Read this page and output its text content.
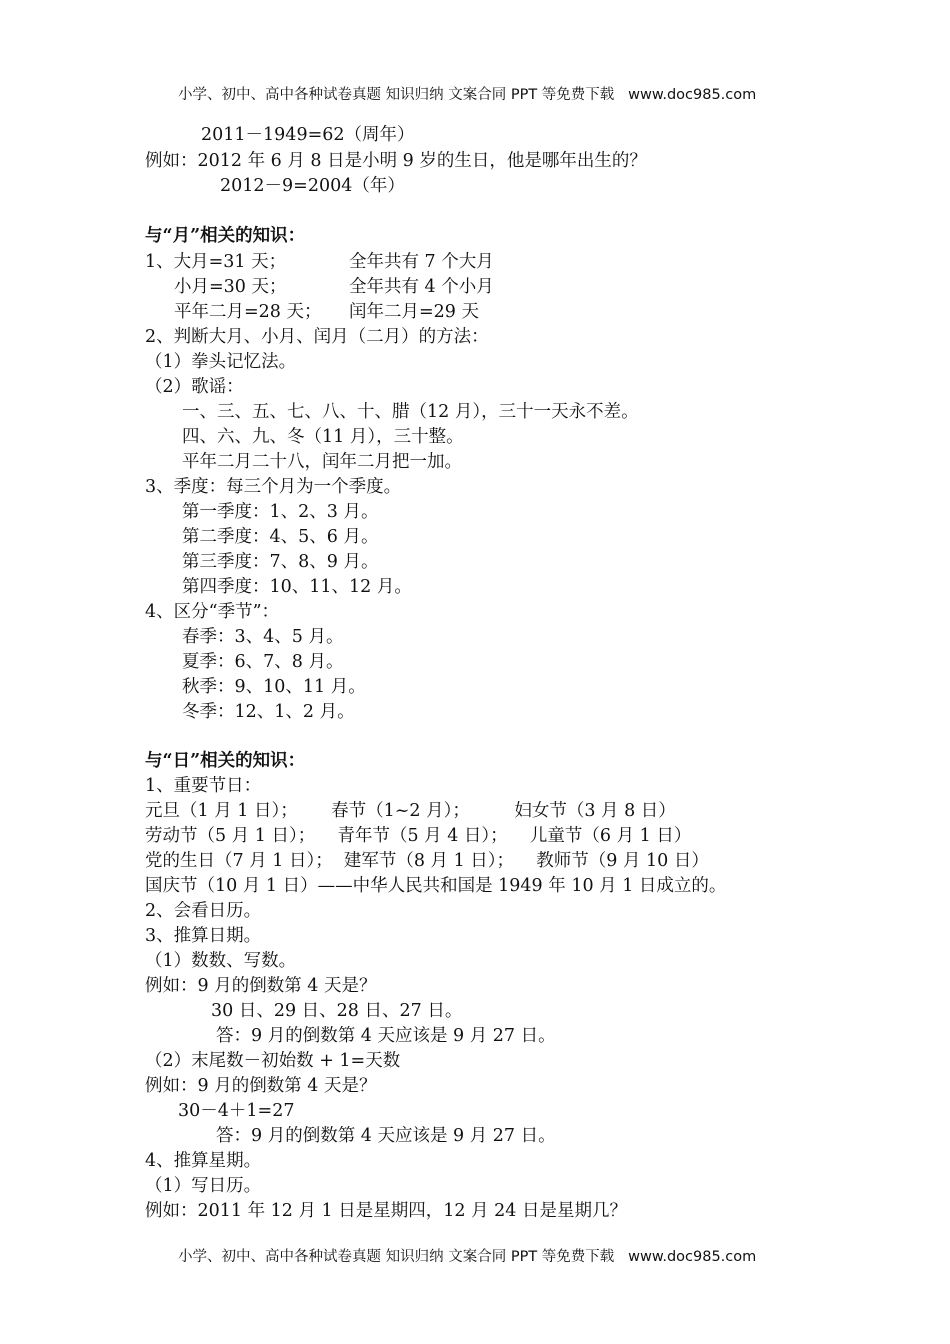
小学、初中、高中各种试卷真题 知识归纳 文案合同 PPT 等免费下载   www.doc985.com
2011－1949=62（周年）
例如：2012 年 6 月 8 日是小明 9 岁的生日，他是哪年出生的？
2012－9=2004（年）
与“月”相关的知识：
1、大月=31 天；	全年共有 7 个大月
小月=30 天；	全年共有 4 个小月
平年二月=28 天； 闰年二月=29 天
2、判断大月、小月、闰月（二月）的方法：
（1）拳头记忆法。
（2）歌谣：
一、三、五、七、八、十、腊（12 月），三十一天永不差。
四、六、九、冬（11 月），三十整。
平年二月二十八，闰年二月把一加。
3、季度：每三个月为一个季度。
第一季度：1、2、3 月。
第二季度：4、5、6 月。
第三季度：7、8、9 月。
第四季度：10、11、12 月。
4、区分“季节”：
春季：3、4、5 月。
夏季：6、7、8 月。
秋季：9、10、11 月。
冬季：12、1、2 月。
与“日”相关的知识：
1、重要节日：
元旦（1 月 1 日）；      春节（1~2 月）；        妇女节（3 月 8 日）
劳动节（5 月 1 日）；    青年节（5 月 4 日）；    儿童节（6 月 1 日）
党的生日（7 月 1 日）；  建军节（8 月 1 日）；    教师节（9 月 10 日）
国庆节（10 月 1 日）——中华人民共和国是 1949 年 10 月 1 日成立的。
2、会看日历。
3、推算日期。
（1）数数、写数。
例如：9 月的倒数第 4 天是？
30 日、29 日、28 日、27 日。
答：9 月的倒数第 4 天应该是 9 月 27 日。
（2）末尾数－初始数 + 1=天数
例如：9 月的倒数第 4 天是？
30－4＋1=27
答：9 月的倒数第 4 天应该是 9 月 27 日。
4、推算星期。
（1）写日历。
例如：2011 年 12 月 1 日是星期四，12 月 24 日是星期几？
小学、初中、高中各种试卷真题 知识归纳 文案合同 PPT 等免费下载   www.doc985.com
